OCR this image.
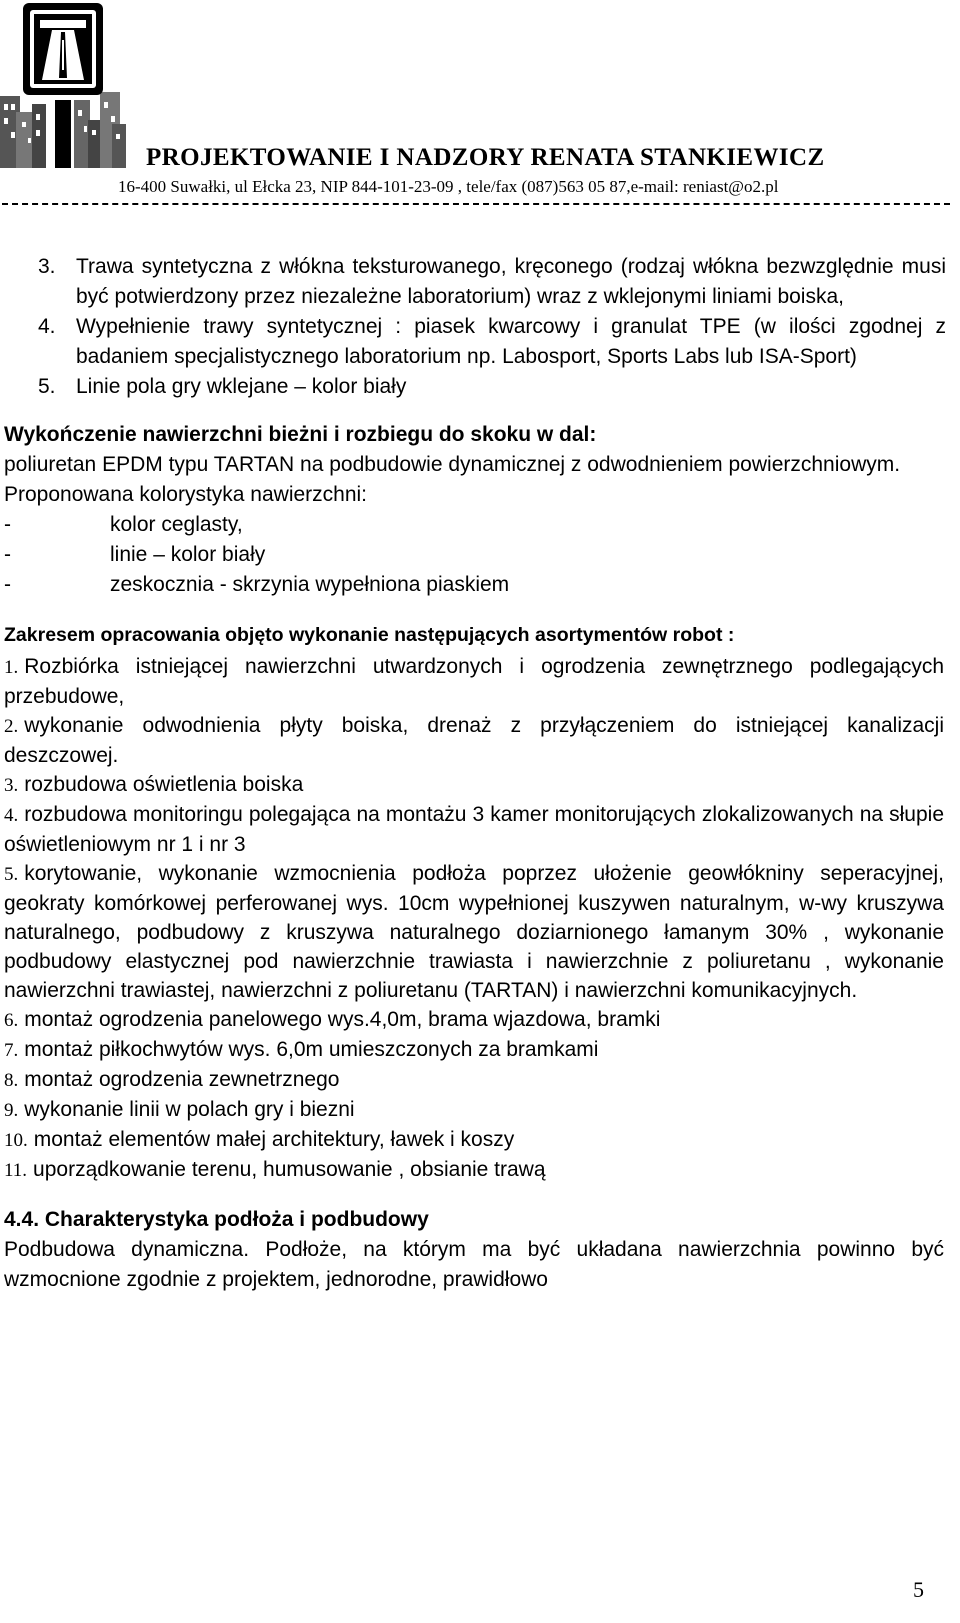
PROJEKTOWANIE I NADZORY RENATA STANKIEWICZ
16-400 Suwałki, ul Ełcka 23, NIP 844-101-23-09 , tele/fax (087)563 05 87,e-mail: reniast@o2.pl
3. Trawa syntetyczna z włókna teksturowanego, kręconego (rodzaj włókna bezwzględnie musi być potwierdzony przez niezależne laboratorium) wraz z wklejonymi liniami boiska,
4. Wypełnienie trawy syntetycznej : piasek kwarcowy i granulat TPE (w ilości zgodnej z badaniem specjalistycznego laboratorium np. Labosport, Sports Labs lub ISA-Sport)
5. Linie pola gry wklejane – kolor biały
Wykończenie nawierzchni bieżni i rozbiegu do skoku w dal:
poliuretan EPDM typu TARTAN na podbudowie dynamicznej z odwodnieniem powierzchniowym.
Proponowana kolorystyka nawierzchni:
-	kolor ceglasty,
-	linie – kolor biały
-	zeskocznia - skrzynia wypełniona piaskiem
Zakresem opracowania objęto wykonanie następujących asortymentów robot :
1. Rozbiórka istniejącej nawierzchni utwardzonych i ogrodzenia zewnętrznego podlegających przebudowe,
2. wykonanie odwodnienia płyty boiska, drenaż z przyłączeniem do istniejącej kanalizacji deszczowej.
3. rozbudowa oświetlenia boiska
4. rozbudowa monitoringu polegająca na montażu 3 kamer monitorujących zlokalizowanych na słupie oświetleniowym nr 1 i nr 3
5. korytowanie, wykonanie wzmocnienia podłoża poprzez ułożenie geowłókniny seperacyjnej, geokraty komórkowej perferowanej wys. 10cm wypełnionej kuszywen naturalnym, w-wy kruszywa naturalnego, podbudowy z kruszywa naturalnego doziarnionego łamanym 30% , wykonanie podbudowy elastycznej pod nawierzchnie trawiasta i nawierzchnie z poliuretanu , wykonanie nawierzchni trawiastej, nawierzchni z poliuretanu (TARTAN) i nawierzchni komunikacyjnych.
6. montaż ogrodzenia panelowego wys.4,0m, brama wjazdowa, bramki
7. montaż piłkochwytów wys. 6,0m umieszczonych za bramkami
8. montaż ogrodzenia zewnetrznego
9. wykonanie linii w polach gry i biezni
10. montaż elementów małej architektury, ławek i koszy
11. uporządkowanie terenu, humusowanie , obsianie trawą
4.4. Charakterystyka podłoża i podbudowy
Podbudowa dynamiczna. Podłoże, na którym ma być układana nawierzchnia powinno być wzmocnione zgodnie z projektem, jednorodne, prawidłowo
5
